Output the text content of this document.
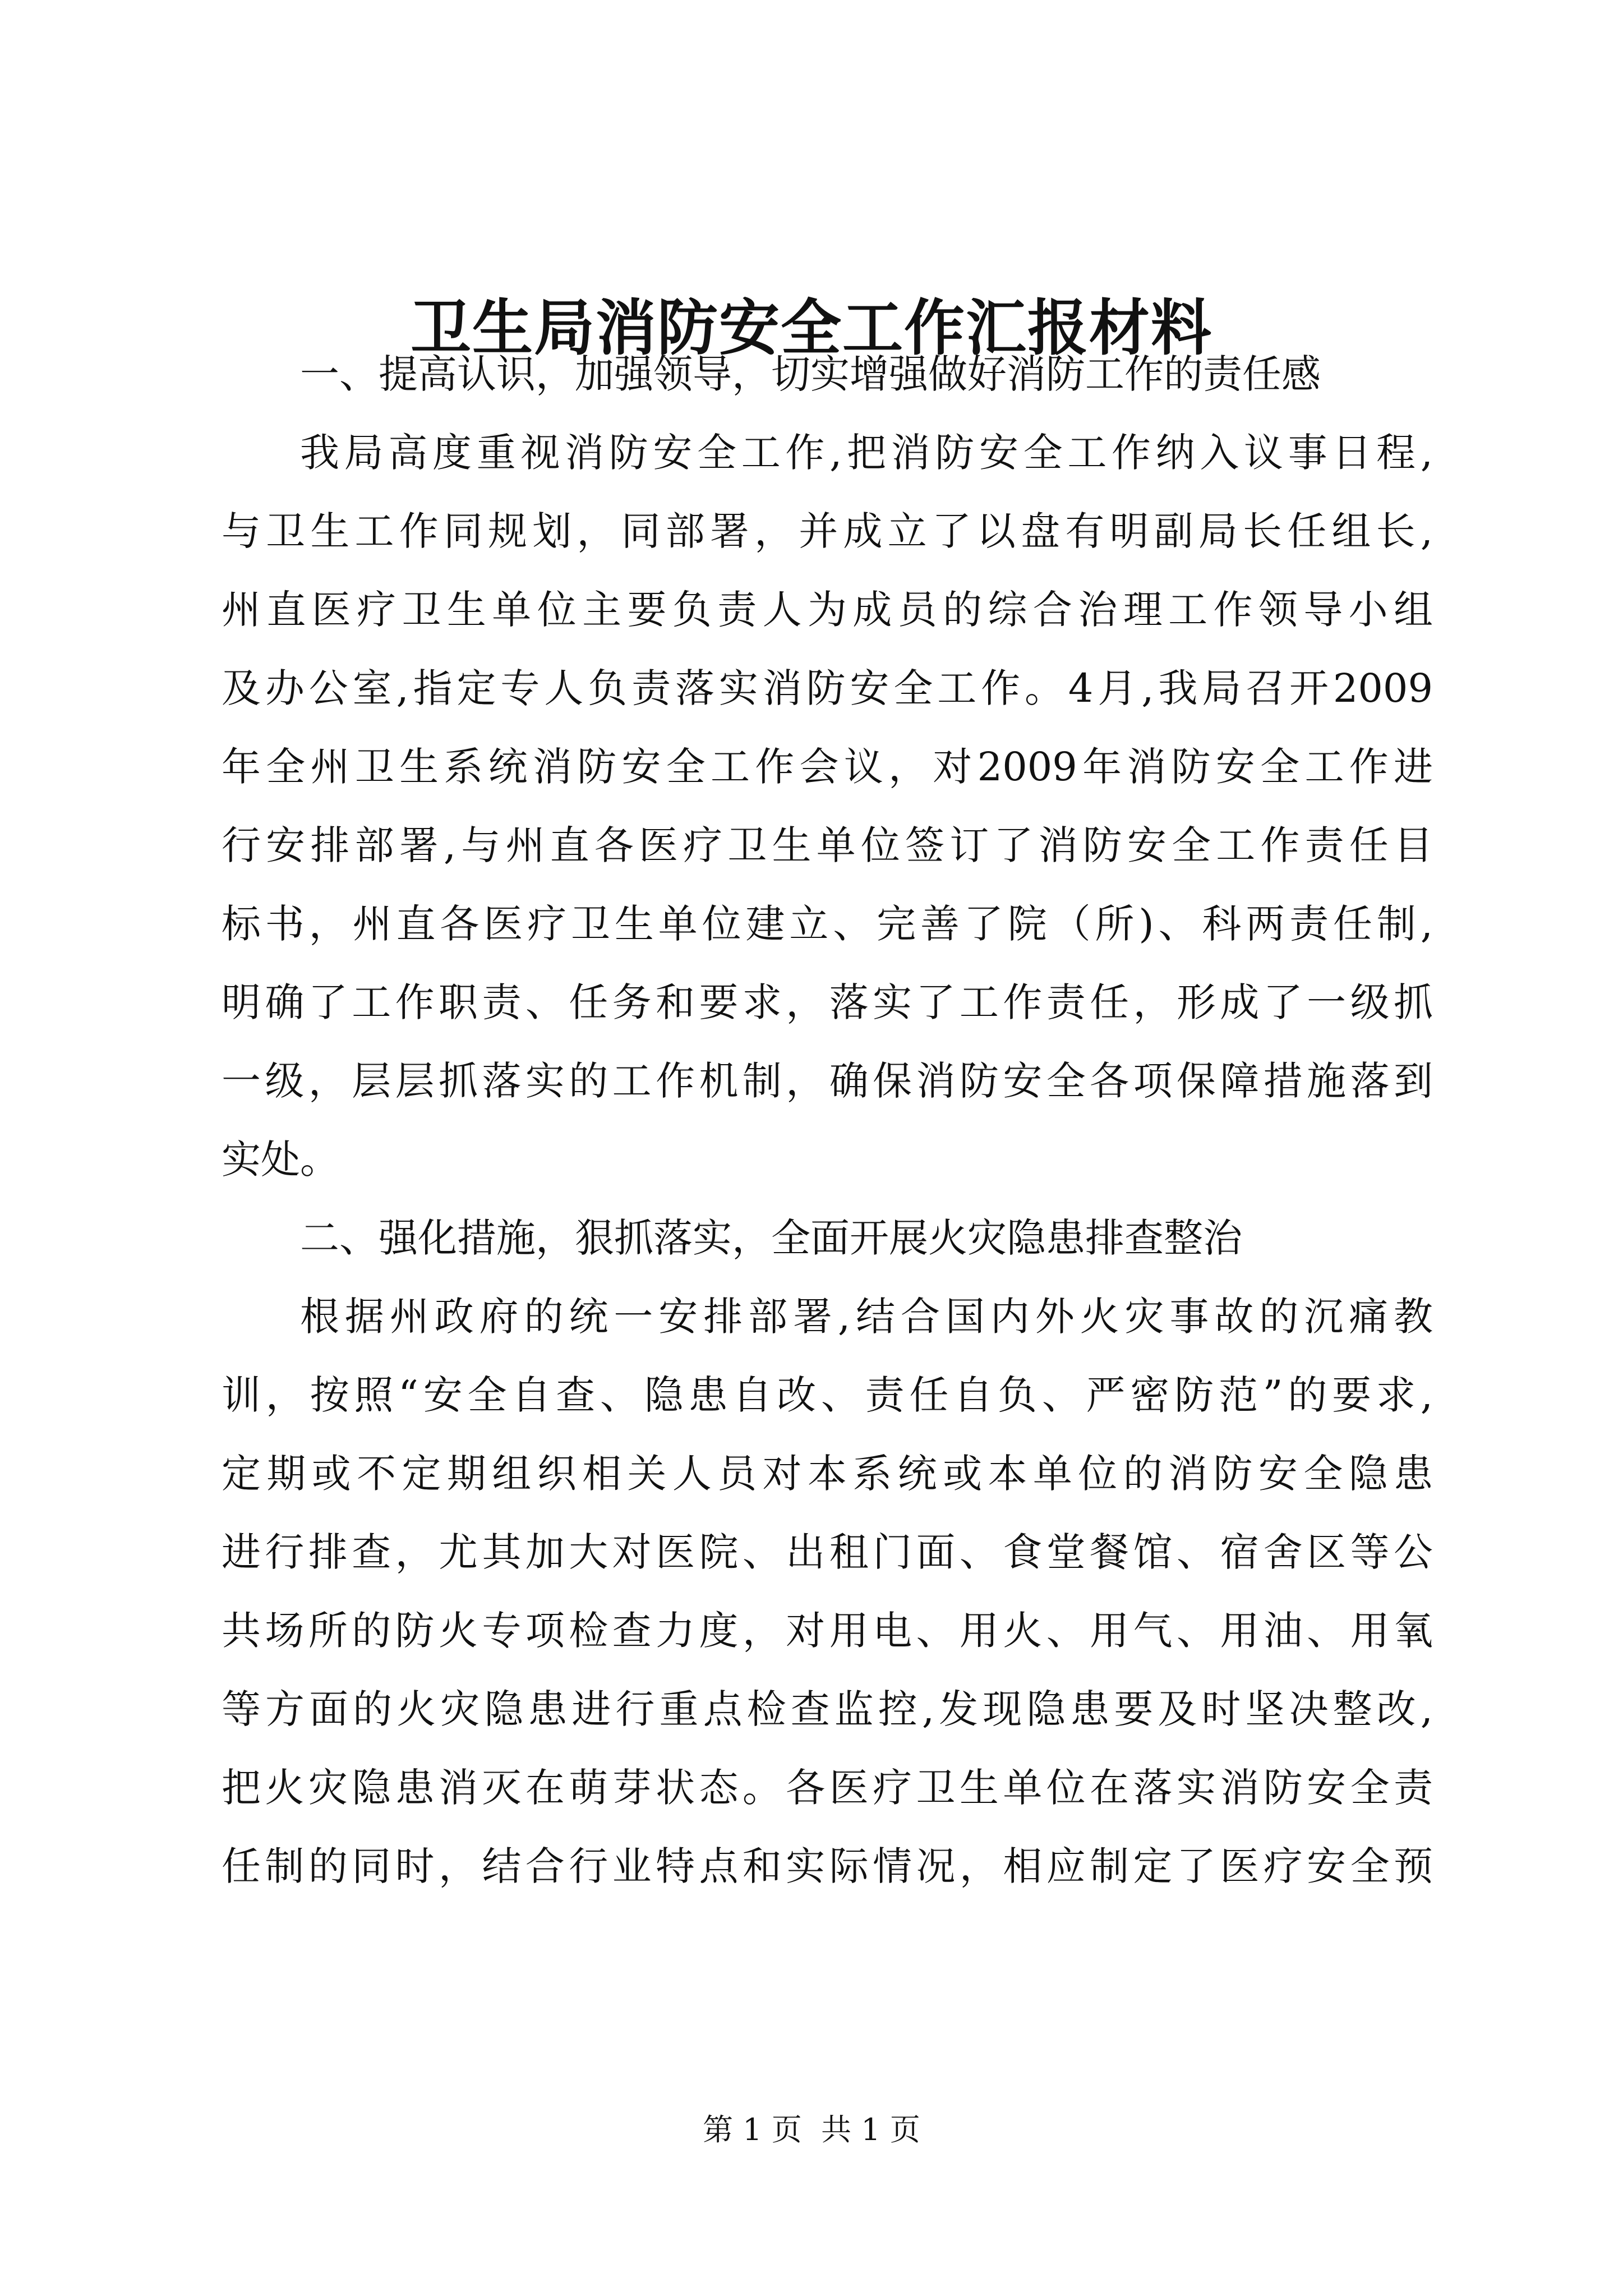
卫生局消防安全工作汇报材料
一、提高认识，加强领导，切实增强做好消防工作的责任感
我局高度重视消防安全工作,把消防安全工作纳入议事日程,
与卫生工作同规划，同部署，并成立了以盘有明副局长任组长,
州直医疗卫生单位主要负责人为成员的综合治理工作领导小组
及办公室,指定专人负责落实消防安全工作。4月,我局召开2009
年全州卫生系统消防安全工作会议，对2009年消防安全工作进
行安排部署,与州直各医疗卫生单位签订了消防安全工作责任目
标书，州直各医疗卫生单位建立、完善了院（所)、科两责任制,
明确了工作职责、任务和要求，落实了工作责任，形成了一级抓
一级，层层抓落实的工作机制，确保消防安全各项保障措施落到
实处。
二、强化措施，狠抓落实，全面开展火灾隐患排查整治
根据州政府的统一安排部署,结合国内外火灾事故的沉痛教
训，按照“安全自查、隐患自改、责任自负、严密防范”的要求,
定期或不定期组织相关人员对本系统或本单位的消防安全隐患
进行排查，尤其加大对医院、出租门面、食堂餐馆、宿舍区等公
共场所的防火专项检查力度，对用电、用火、用气、用油、用氧
等方面的火灾隐患进行重点检查监控,发现隐患要及时坚决整改,
把火灾隐患消灭在萌芽状态。各医疗卫生单位在落实消防安全责
任制的同时，结合行业特点和实际情况，相应制定了医疗安全预
第 1 页  共 1 页
